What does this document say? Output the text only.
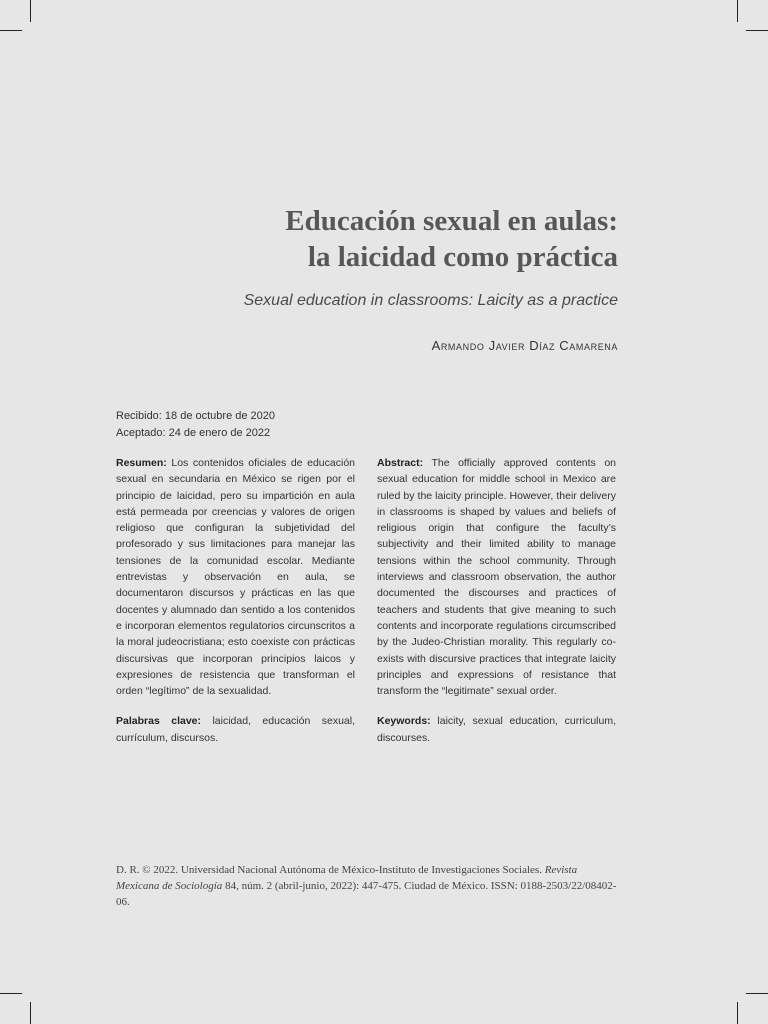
Educación sexual en aulas:
la laicidad como práctica

Sexual education in classrooms: Laicity as a practice

Armando Javier Díaz Camarena
Recibido: 18 de octubre de 2020
Aceptado: 24 de enero de 2022

Resumen: Los contenidos oficiales de educación sexual en secundaria en México se rigen por el principio de laicidad, pero su impartición en aula está permeada por creencias y valores de origen religioso que configuran la subjetividad del profesorado y sus limitaciones para manejar las tensiones de la comunidad escolar. Mediante entrevistas y observación en aula, se documentaron discursos y prácticas en las que docentes y alumnado dan sentido a los contenidos e incorporan elementos regulatorios circunscritos a la moral judeocristiana; esto coexiste con prácticas discursivas que incorporan principios laicos y expresiones de resistencia que transforman el orden “legítimo” de la sexualidad.

Palabras clave: laicidad, educación sexual, currículum, discursos.

Abstract: The officially approved contents on sexual education for middle school in Mexico are ruled by the laicity principle. However, their delivery in classrooms is shaped by values and beliefs of religious origin that configure the faculty’s subjectivity and their limited ability to manage tensions within the school community. Through interviews and classroom observation, the author documented the discourses and practices of teachers and students that give meaning to such contents and incorporate regulations circumscribed by the Judeo-Christian morality. This regularly co-exists with discursive practices that integrate laicity principles and expressions of resistance that transform the “legitimate” sexual order.

Keywords: laicity, sexual education, curriculum, discourses.

D. R. © 2022. Universidad Nacional Autónoma de México-Instituto de Investigaciones Sociales. Revista Mexicana de Sociología 84, núm. 2 (abril-junio, 2022): 447-475. Ciudad de México. ISSN: 0188-2503/22/08402-06.
